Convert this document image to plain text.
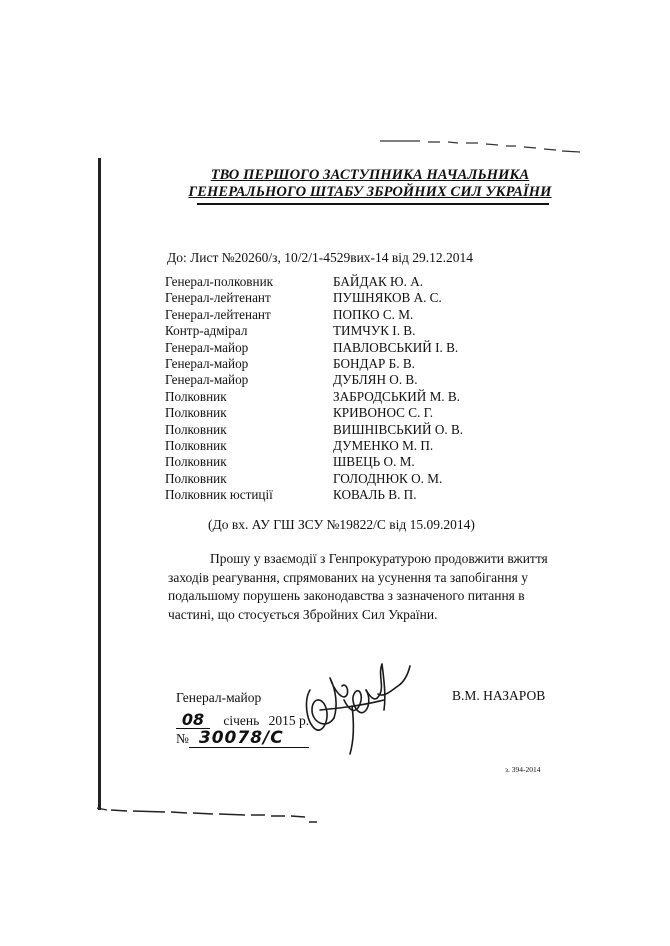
ТВО ПЕРШОГО ЗАСТУПНИКА НАЧАЛЬНИКА
ГЕНЕРАЛЬНОГО ШТАБУ ЗБРОЙНИХ СИЛ УКРАЇНИ
До: Лист №20260/з, 10/2/1-4529вих-14 від 29.12.2014
Генерал-полковник	БАЙДАК Ю. А.
Генерал-лейтенант	ПУШНЯКОВ А. С.
Генерал-лейтенант	ПОПКО С. М.
Контр-адмірал	ТИМЧУК І. В.
Генерал-майор	ПАВЛОВСЬКИЙ І. В.
Генерал-майор	БОНДАР Б. В.
Генерал-майор	ДУБЛЯН О. В.
Полковник	ЗАБРОДСЬКИЙ М. В.
Полковник	КРИВОНОС С. Г.
Полковник	ВИШНІВСЬКИЙ О. В.
Полковник	ДУМЕНКО М. П.
Полковник	ШВЕЦЬ О. М.
Полковник	ГОЛОДНЮК О. М.
Полковник юстиції	КОВАЛЬ В. П.
(До вх. АУ ГШ ЗСУ №19822/С від 15.09.2014)
Прошу у взаємодії з Генпрокуратурою продовжити вжиття заходів реагування, спрямованих на усунення та запобігання у подальшому порушень законодавства з зазначеного питання в частині, що стосується Збройних Сил України.
Генерал-майор	В.М. НАЗАРОВ
08 січень 2015 р.
№ 30078/С
з. 394-2014
